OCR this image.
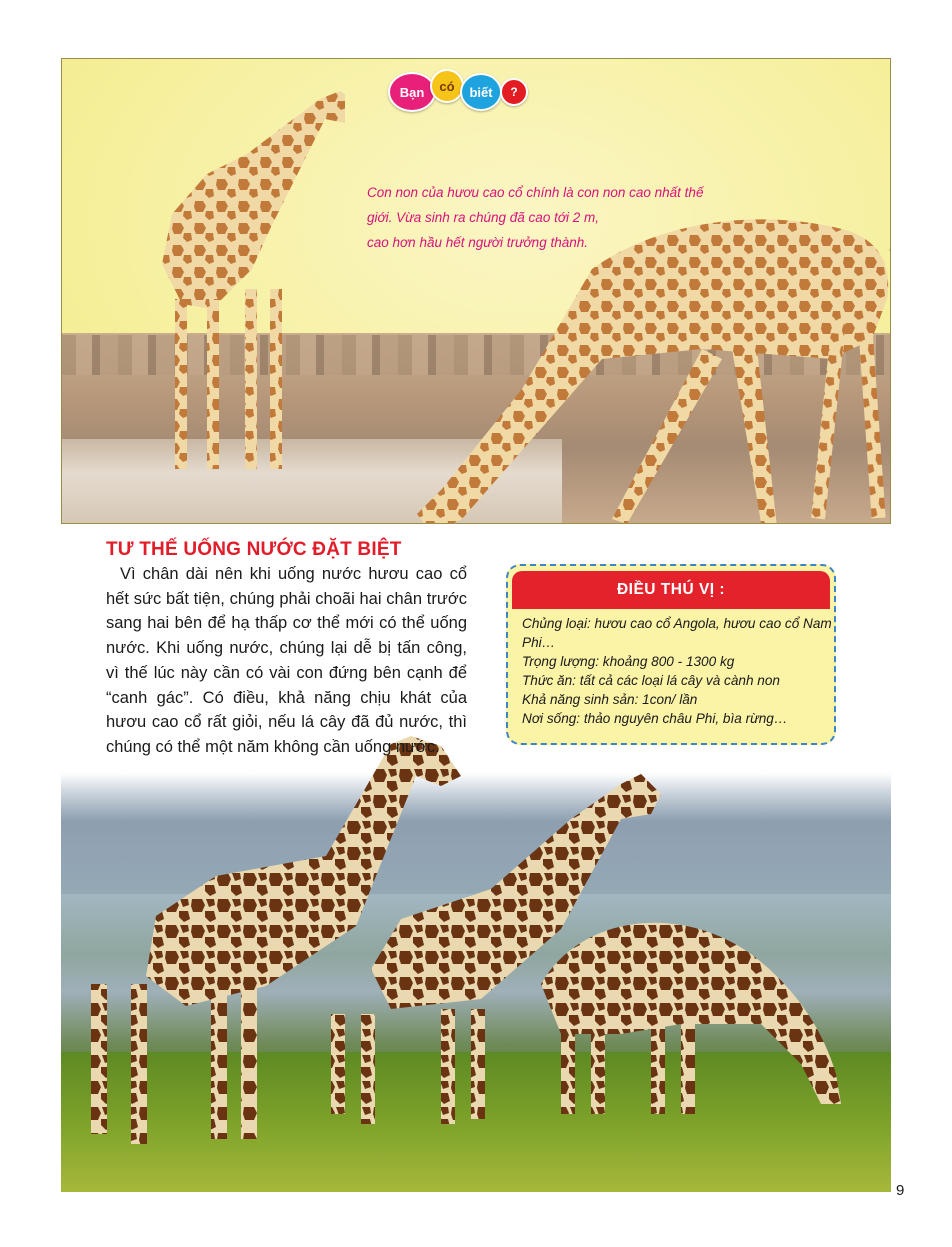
Con non của hươu cao cổ chính là con non cao nhất thế
giới. Vừa sinh ra chúng đã cao tới 2 m,
cao hơn hầu hết người trưởng thành.
Bạn	có	biết	?
TƯ THẾ UỐNG NƯỚC ĐẶT BIỆT
Vì chân dài nên khi uống nước hươu cao cổ hết sức bất tiện, chúng phải choãi hai chân trước sang hai bên để hạ thấp cơ thể mới có thể uống nước. Khi uống nước, chúng lại dễ bị tấn công, vì thế lúc này cần có vài con đứng bên cạnh để “canh gác”. Có điều, khả năng chịu khát của hươu cao cổ rất giỏi, nếu lá cây đã đủ nước, thì chúng có thể một năm không cần uống nước.
ĐIỀU THÚ VỊ :
Chủng loại: hươu cao cổ Angola, hươu cao cổ Nam Phi…
Trọng lượng: khoảng 800 - 1300 kg
Thức ăn: tất cả các loại lá cây và cành non
Khả năng sinh sản: 1con/ lần
Nơi sống: thảo nguyên châu Phi, bìa rừng…
9
